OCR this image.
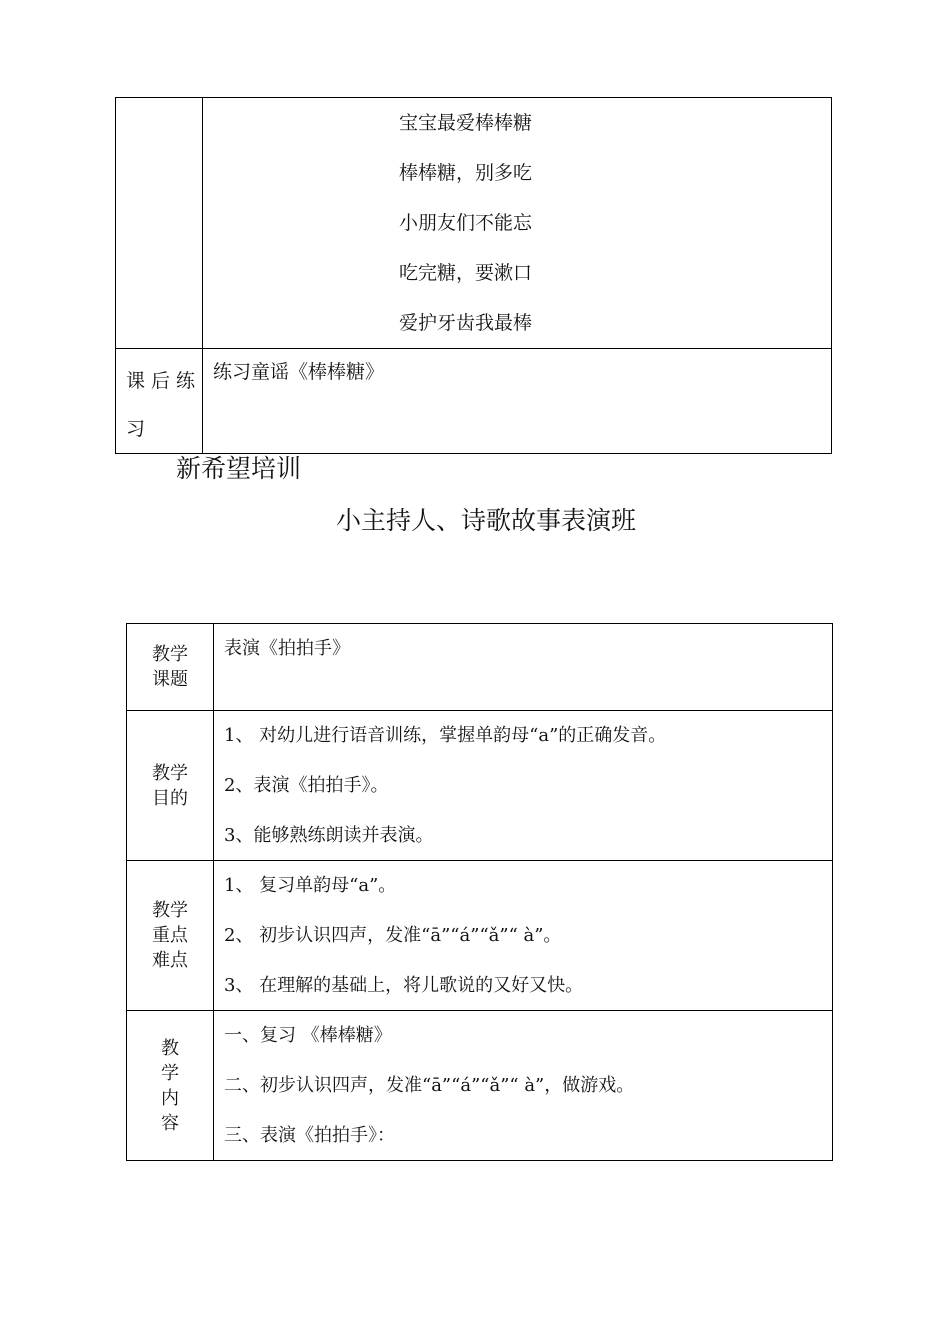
	宝宝最爱棒棒糖
棒棒糖，别多吃
小朋友们不能忘
吃完糖，要漱口
爱护牙齿我最棒

课后练习	练习童谣《棒棒糖》
新希望培训
小主持人、诗歌故事表演班
教学课题	表演《拍拍手》
教学目的	1、 对幼儿进行语音训练，掌握单韵母“a”的正确发音。
2、表演《拍拍手》。
3、能够熟练朗读并表演。

教学重点难点	1、 复习单韵母“a”。
2、 初步认识四声，发准“ā”“á”“ǎ”“ à”。
3、 在理解的基础上，将儿歌说的又好又快。

教学内容	一、复习 《棒棒糖》
二、初步认识四声，发准“ā”“á”“ǎ”“ à”，做游戏。
三、表演《拍拍手》：
